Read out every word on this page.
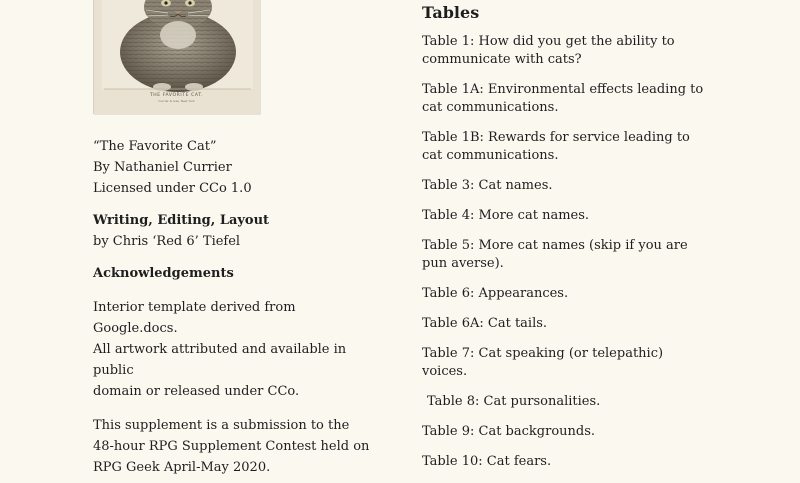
THE FAVORITE CAT.
Currier & Ives, New York
“The Favorite Cat”
By Nathaniel Currier
Licensed under CCo 1.0
Writing, Editing, Layout
by Chris ‘Red 6’ Tiefel
Acknowledgements
Interior template derived from Google.docs.
All artwork attributed and available in public
domain or released under CCo.
This supplement is a submission to the
48-hour RPG Supplement Contest held on
RPG Geek April-May 2020.
Tables
Table 1: How did you get the ability to communicate with cats?
Table 1A: Environmental effects leading to cat communications.
Table 1B: Rewards for service leading to cat communications.
Table 3: Cat names.
Table 4: More cat names.
Table 5: More cat names (skip if you are pun averse).
Table 6: Appearances.
Table 6A: Cat tails.
Table 7: Cat speaking (or telepathic) voices.
Table 8: Cat pursonalities.
Table 9: Cat backgrounds.
Table 10: Cat fears.
